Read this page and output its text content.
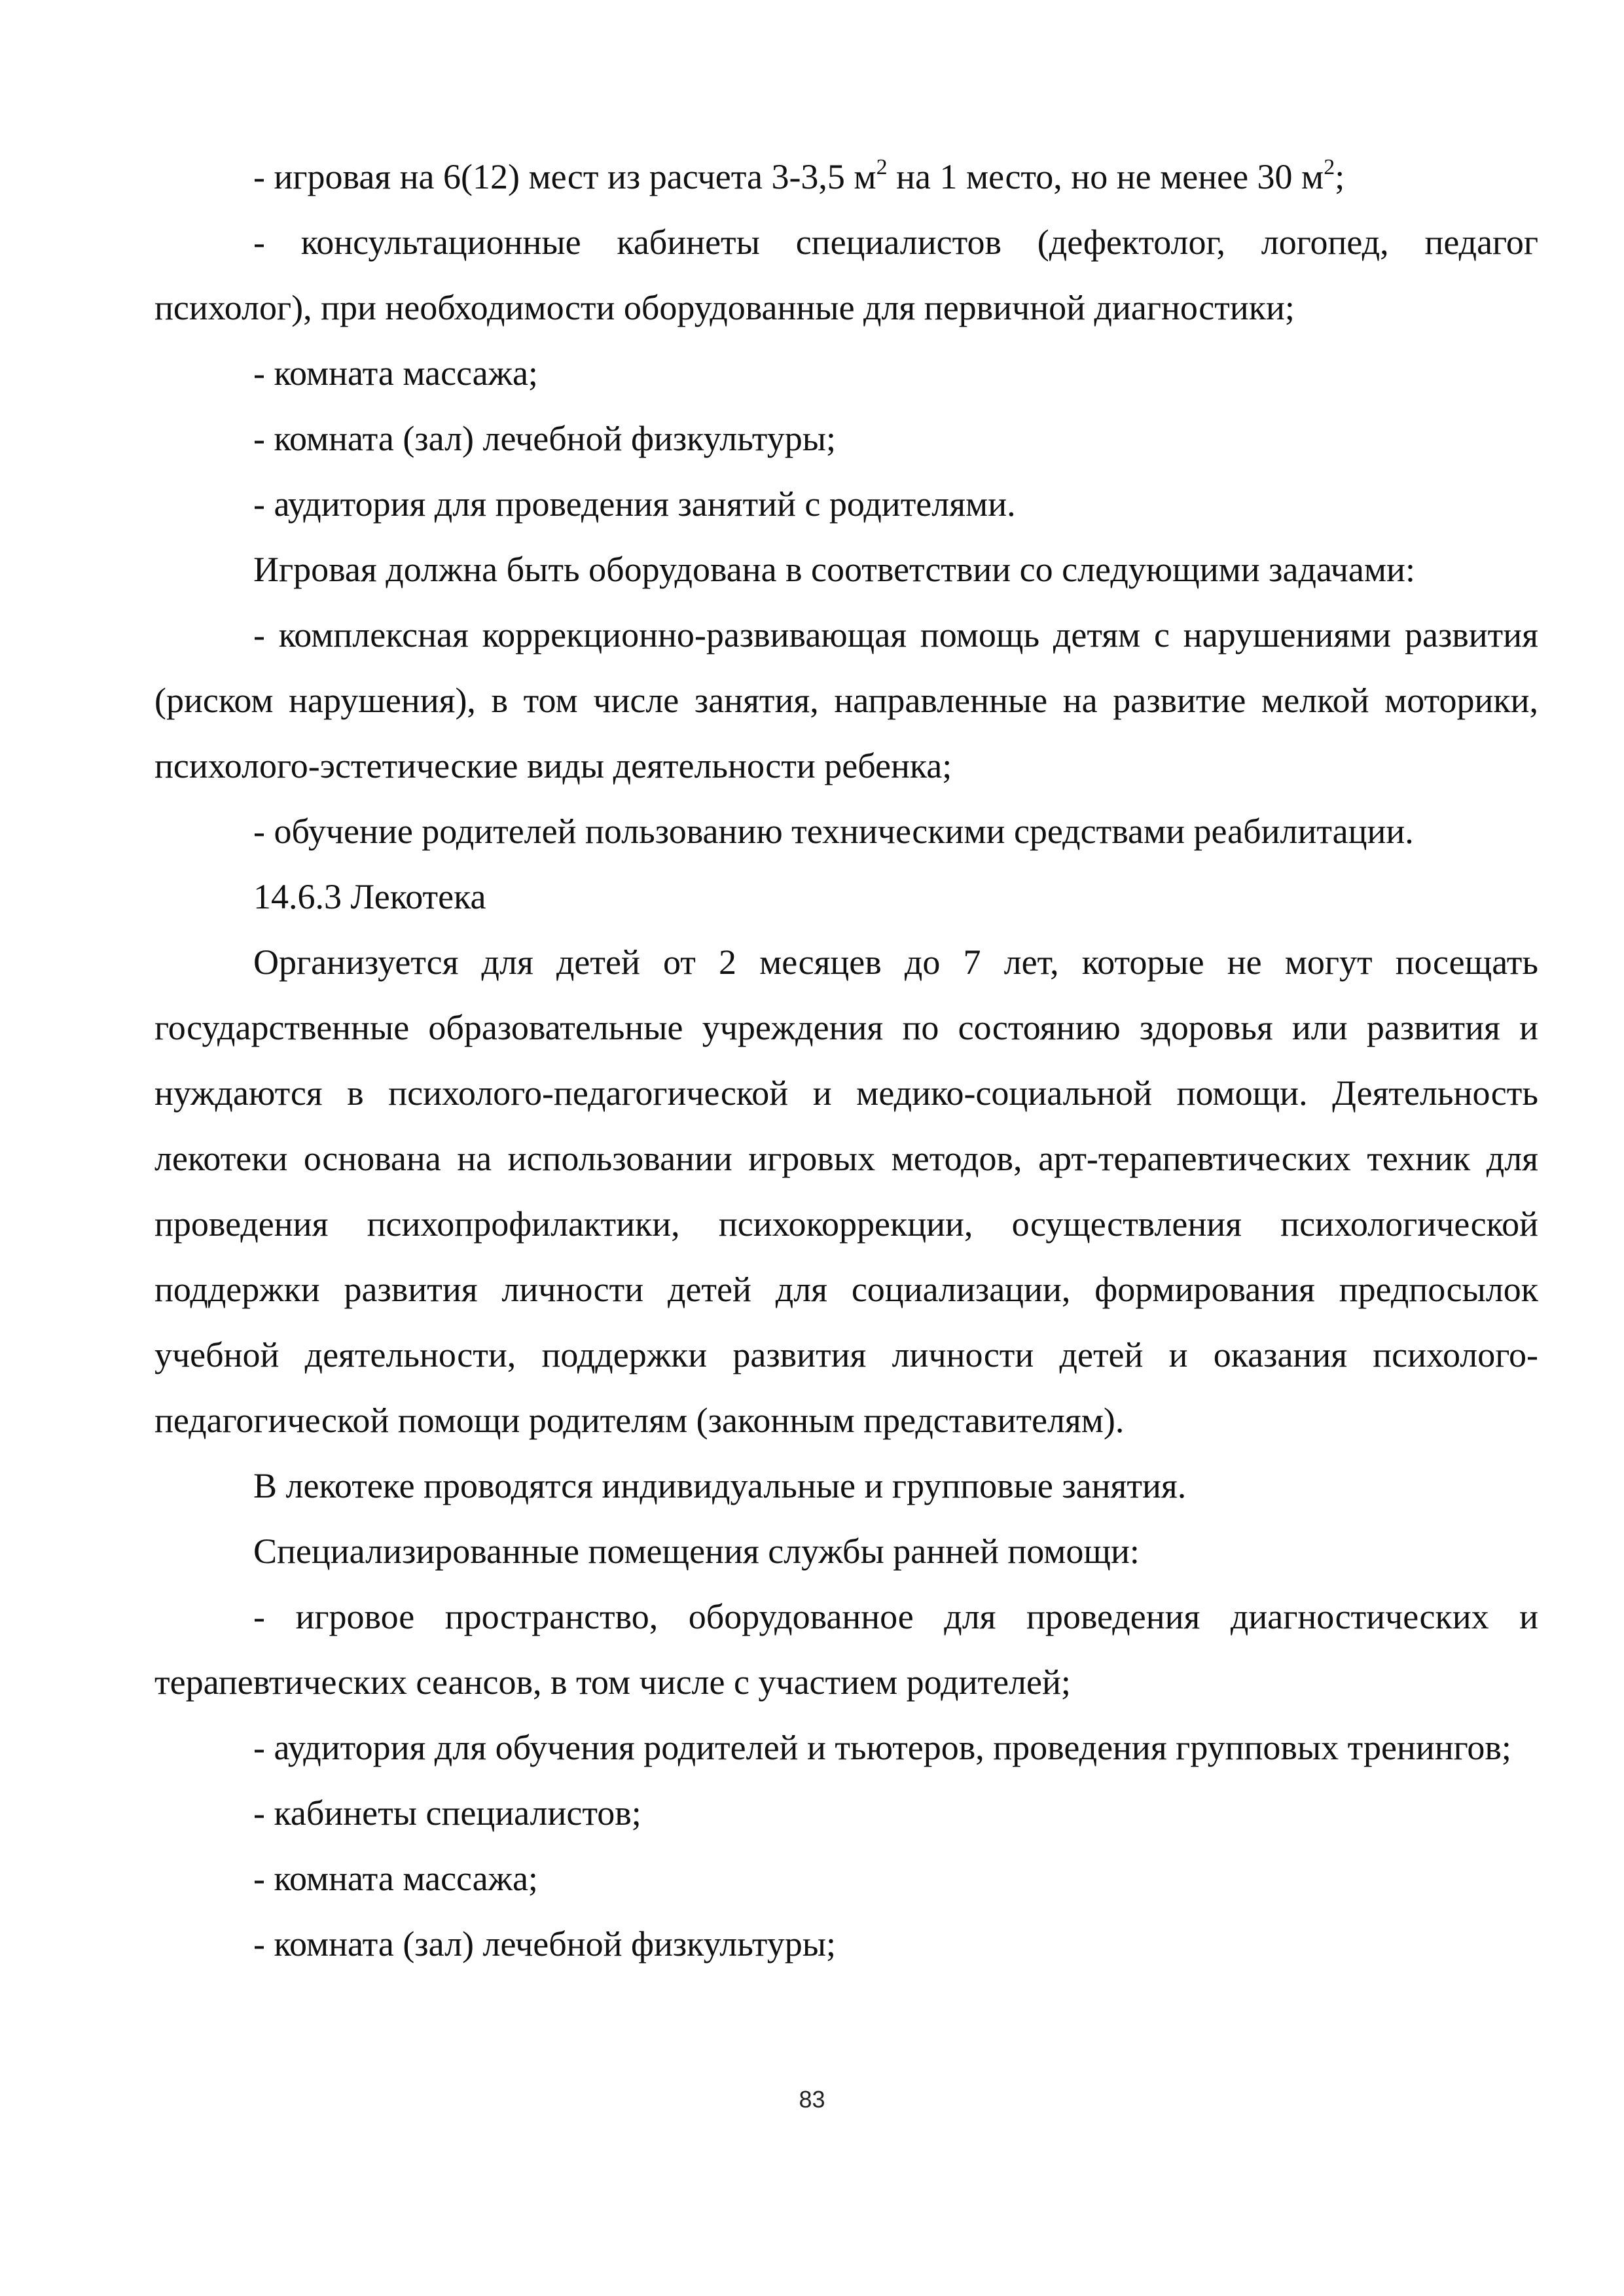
- игровая на 6(12) мест из расчета 3-3,5 $м^2$ на 1 место, но не менее 30 $м^2$;

- консультационные кабинеты специалистов (дефектолог, логопед, педагог психолог), при необходимости оборудованные для первичной диагностики;

- комната массажа;

- комната (зал) лечебной физкультуры;

- аудитория для проведения занятий с родителями.

Игровая должна быть оборудована в соответствии со следующими задачами:

- комплексная коррекционно-развивающая помощь детям с нарушениями развития (риском нарушения), в том числе занятия, направленные на развитие мелкой моторики, психолого-эстетические виды деятельности ребенка;

- обучение родителей пользованию техническими средствами реабилитации.

14.6.3 Лекотека

Организуется для детей от 2 месяцев до 7 лет, которые не могут посещать государственные образовательные учреждения по состоянию здоровья или развития и нуждаются в психолого-педагогической и медико-социальной помощи. Деятельность лекотеки основана на использовании игровых методов, арт-терапевтических техник для проведения психопрофилактики, психокоррекции, осуществления психологической поддержки развития личности детей для социализации, формирования предпосылок учебной деятельности, поддержки развития личности детей и оказания психолого-педагогической помощи родителям (законным представителям).

В лекотеке проводятся индивидуальные и групповые занятия.

Специализированные помещения службы ранней помощи:

- игровое пространство, оборудованное для проведения диагностических и терапевтических сеансов, в том числе с участием родителей;

- аудитория для обучения родителей и тьютеров, проведения групповых тренингов;

- кабинеты специалистов;

- комната массажа;

- комната (зал) лечебной физкультуры;

83
